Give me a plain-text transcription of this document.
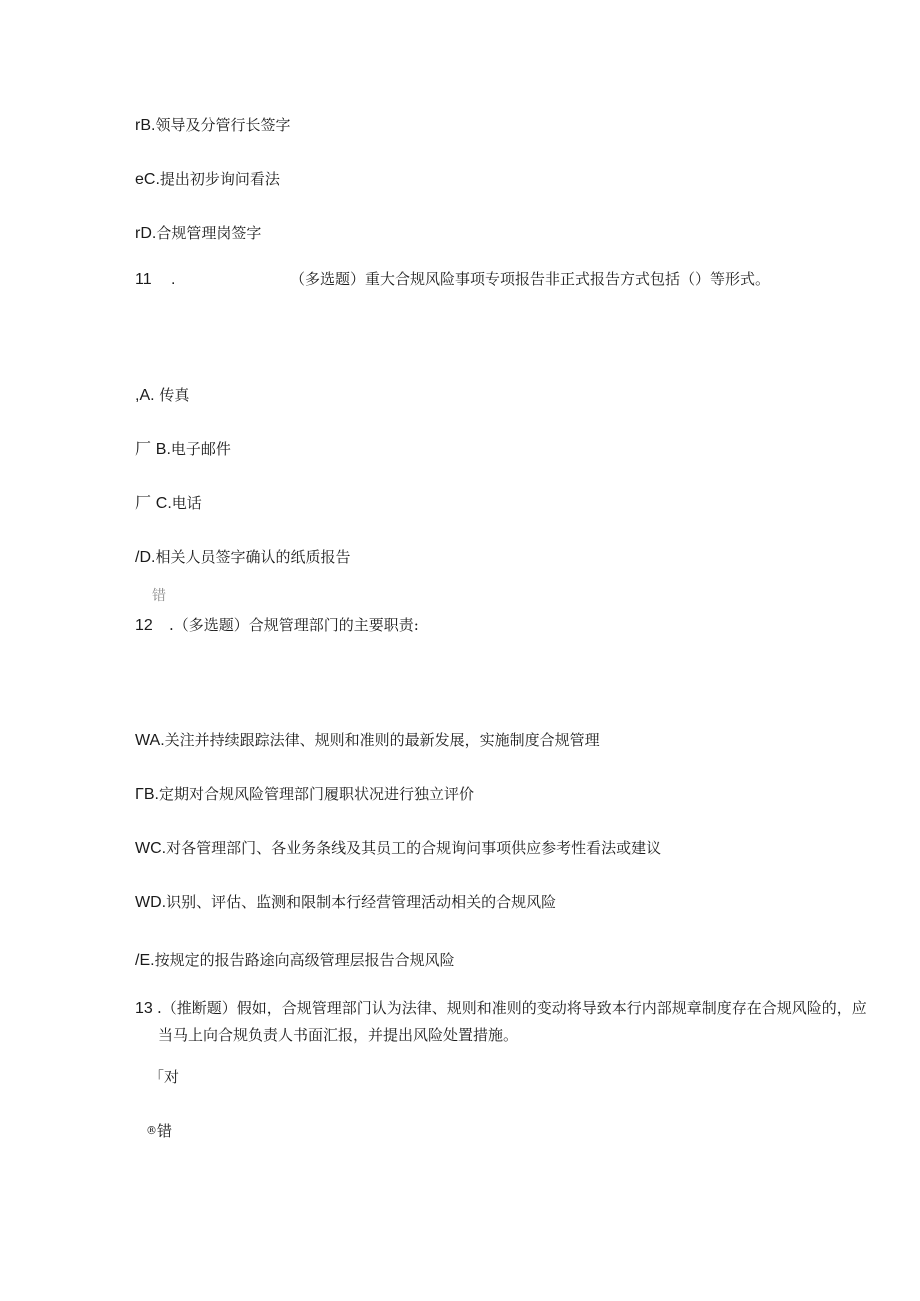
rB.领导及分管行长签字
eC.提出初步询问看法
rD.合规管理岗签字
11 .	（多选题）重大合规风险事项专项报告非正式报告方式包括（）等形式。
,A. 传真
厂 B.电子邮件
厂 C.电话
/D.相关人员签字确认的纸质报告
错
12 .（多选题）合规管理部门的主要职责:
WA.关注并持续跟踪法律、规则和准则的最新发展，实施制度合规管理
ΓB.定期对合规风险管理部门履职状况进行独立评价
WC.对各管理部门、各业务条线及其员工的合规询问事项供应参考性看法或建议
WD.识别、评估、监测和限制本行经营管理活动相关的合规风险
/E.按规定的报告路途向高级管理层报告合规风险
13 .（推断题）假如，合规管理部门认为法律、规则和准则的变动将导致本行内部规章制度存在合规风险的，应
当马上向合规负责人书面汇报，并提出风险处置措施。
「对
®错
